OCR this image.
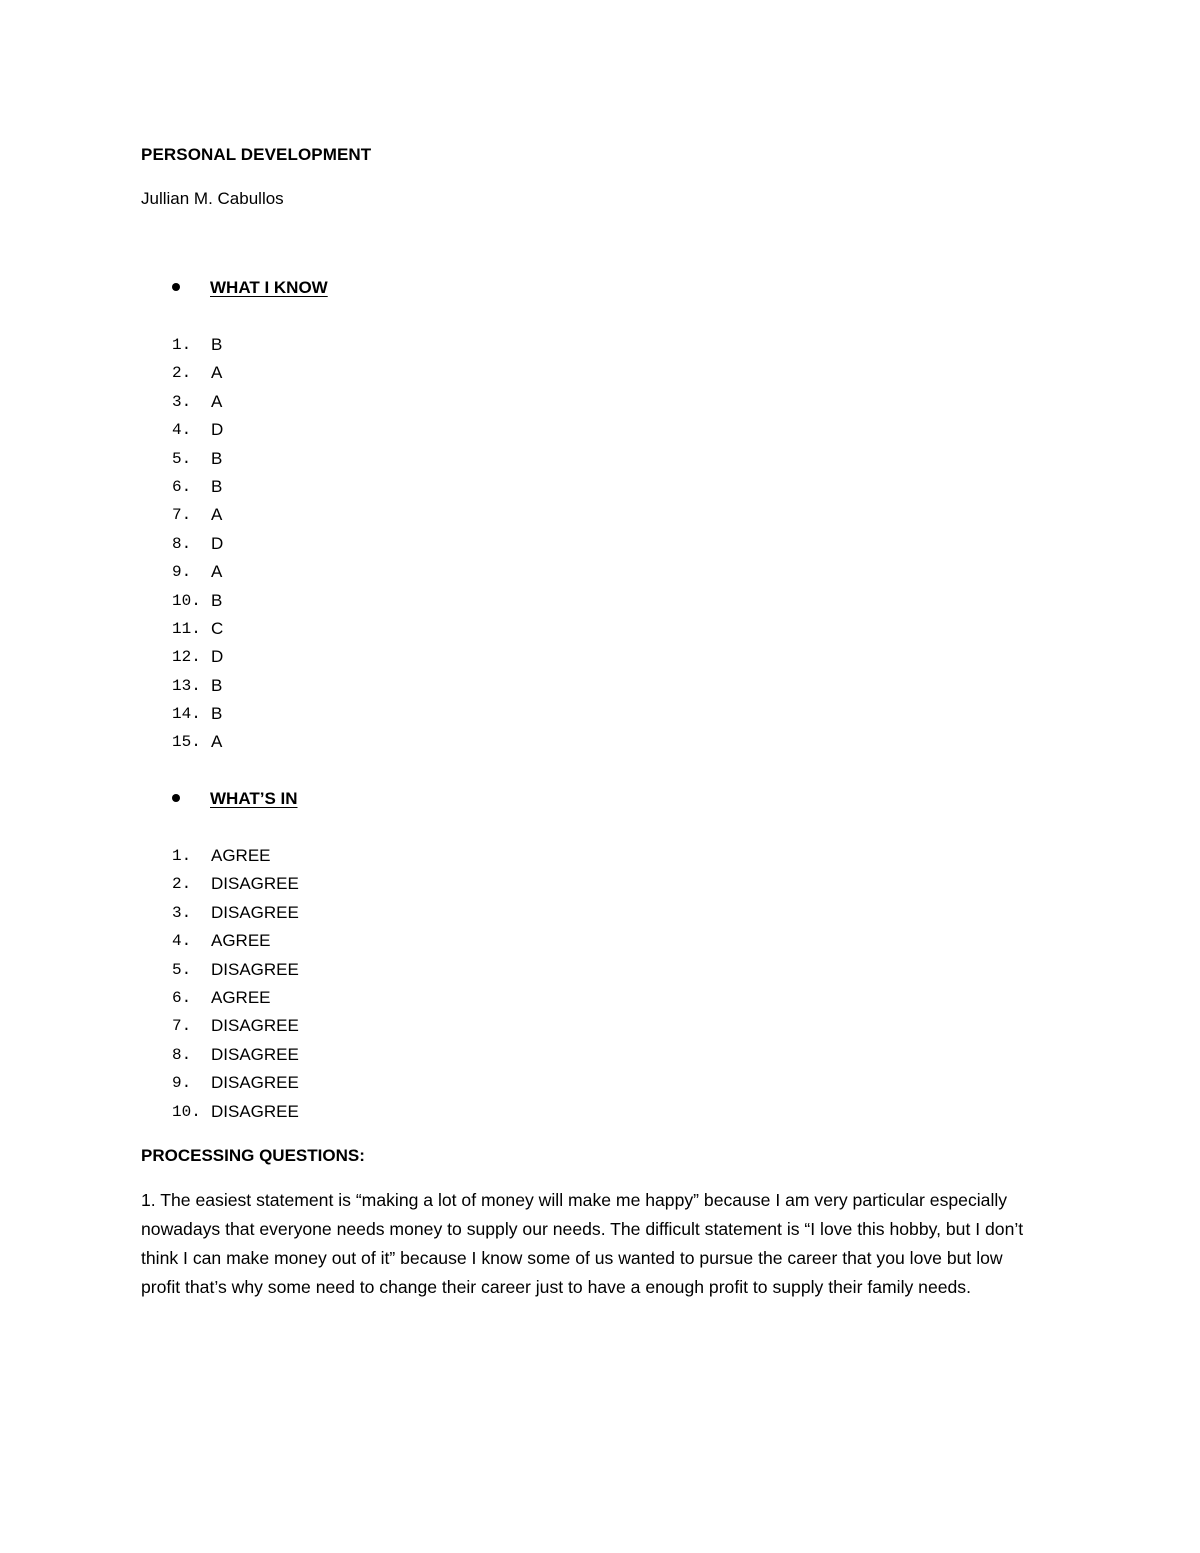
PERSONAL DEVELOPMENT
Jullian M. Cabullos
WHAT I KNOW
1.	B
2.	A
3.	A
4.	D
5.	B
6.	B
7.	A
8.	D
9.	A
10. B
11. C
12. D
13. B
14. B
15. A
WHAT’S IN
1.	AGREE
2.	DISAGREE
3.	DISAGREE
4.	AGREE
5.	DISAGREE
6.	AGREE
7.	DISAGREE
8.	DISAGREE
9.	DISAGREE
10. DISAGREE
PROCESSING QUESTIONS:

1. The easiest statement is “making a lot of money will make me happy” because I am very particular especially nowadays that everyone needs money to supply our needs. The difficult statement is “I love this hobby, but I don’t think I can make money out of it” because I know some of us wanted to pursue the career that you love but low profit that’s why some need to change their career just to have a enough profit to supply their family needs.
